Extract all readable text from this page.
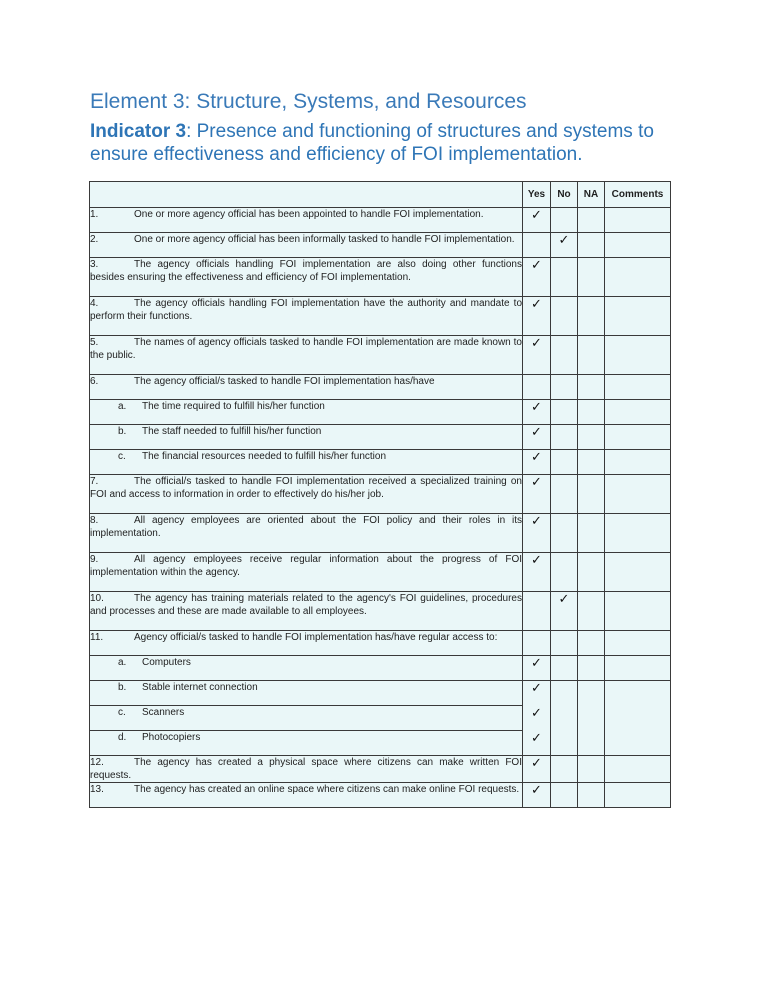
Element 3: Structure, Systems, and Resources

Indicator 3: Presence and functioning of structures and systems to ensure effectiveness and efficiency of FOI implementation.

	Yes	No	NA	Comments
1. One or more agency official has been appointed to handle FOI implementation.	✓			
2. One or more agency official has been informally tasked to handle FOI implementation.		✓		
3. The agency officials handling FOI implementation are also doing other functions besides ensuring the effectiveness and efficiency of FOI implementation.	✓			
4. The agency officials handling FOI implementation have the authority and mandate to perform their functions.	✓			
5. The names of agency officials tasked to handle FOI implementation are made known to the public.	✓			
6. The agency official/s tasked to handle FOI implementation has/have				
a. The time required to fulfill his/her function	✓			
b. The staff needed to fulfill his/her function	✓			
c. The financial resources needed to fulfill his/her function	✓			
7. The official/s tasked to handle FOI implementation received a specialized training on FOI and access to information in order to effectively do his/her job.	✓			
8. All agency employees are oriented about the FOI policy and their roles in its implementation.	✓			
9. All agency employees receive regular information about the progress of FOI implementation within the agency.	✓			
10. The agency has training materials related to the agency's FOI guidelines, procedures and processes and these are made available to all employees.		✓		
11. Agency official/s tasked to handle FOI implementation has/have regular access to:				
a. Computers	✓			
b. Stable internet connection	✓			
c. Scanners	✓			
d. Photocopiers	✓			
12. The agency has created a physical space where citizens can make written FOI requests.	✓			
13. The agency has created an online space where citizens can make online FOI requests.	✓			
